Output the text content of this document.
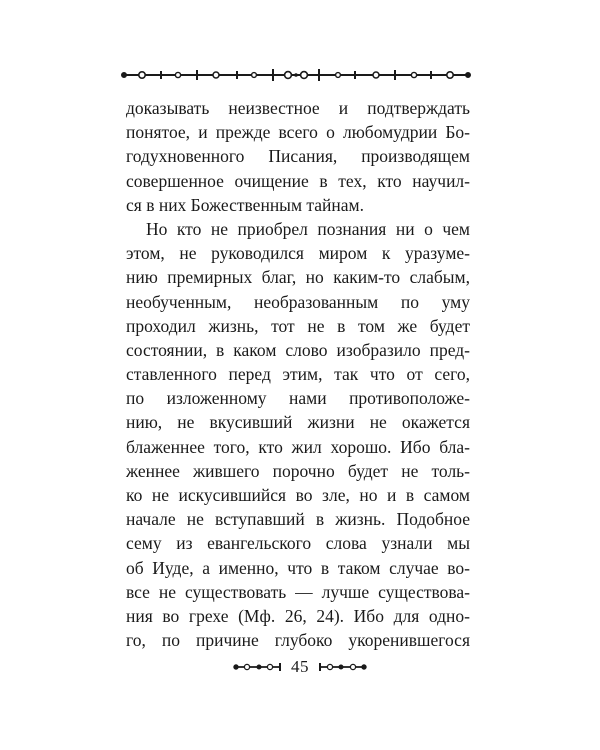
доказывать неизвестное и подтверждать
понятое, и прежде всего о любомудрии Бо-
годухновенного Писания, производящем
совершенное очищение в тех, кто научил-
ся в них Божественным тайнам.
Но кто не приобрел познания ни о чем
этом, не руководился миром к уразуме-
нию премирных благ, но каким-то слабым,
необученным, необразованным по уму
проходил жизнь, тот не в том же будет
состоянии, в каком слово изобразило пред-
ставленного перед этим, так что от сего,
по изложенному нами противоположе-
нию, не вкусивший жизни не окажется
блаженнее того, кто жил хорошо. Ибо бла-
женнее жившего порочно будет не толь-
ко не искусившийся во зле, но и в самом
начале не вступавший в жизнь. Подобное
сему из евангельского слова узнали мы
об Иуде, а именно, что в таком случае во-
все не существовать — лучше существова-
ния во грехе (Мф. 26, 24). Ибо для одно-
го, по причине глубоко укоренившегося
45
